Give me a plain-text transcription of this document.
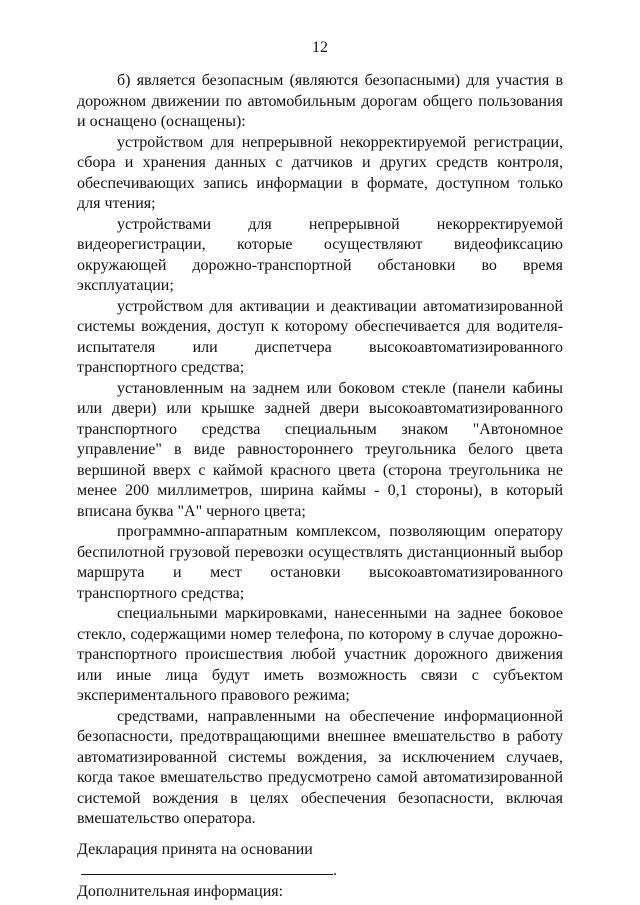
12

б) является безопасным (являются безопасными) для участия в дорожном движении по автомобильным дорогам общего пользования и оснащено (оснащены):

устройством для непрерывной некорректируемой регистрации, сбора и хранения данных с датчиков и других средств контроля, обеспечивающих запись информации в формате, доступном только для чтения;

устройствами для непрерывной некорректируемой видеорегистрации, которые осуществляют видеофиксацию окружающей дорожно-транспортной обстановки во время эксплуатации;

устройством для активации и деактивации автоматизированной системы вождения, доступ к которому обеспечивается для водителя-испытателя или диспетчера высокоавтоматизированного транспортного средства;

установленным на заднем или боковом стекле (панели кабины или двери) или крышке задней двери высокоавтоматизированного транспортного средства специальным знаком "Автономное управление" в виде равностороннего треугольника белого цвета вершиной вверх с каймой красного цвета (сторона треугольника не менее 200 миллиметров, ширина каймы - 0,1 стороны), в который вписана буква "А" черного цвета;

программно-аппаратным комплексом, позволяющим оператору беспилотной грузовой перевозки осуществлять дистанционный выбор маршрута и мест остановки высокоавтоматизированного транспортного средства;

специальными маркировками, нанесенными на заднее боковое стекло, содержащими номер телефона, по которому в случае дорожно-транспортного происшествия любой участник дорожного движения или иные лица будут иметь возможность связи с субъектом экспериментального правового режима;

средствами, направленными на обеспечение информационной безопасности, предотвращающими внешнее вмешательство в работу автоматизированной системы вождения, за исключением случаев, когда такое вмешательство предусмотрено самой автоматизированной системой вождения в целях обеспечения безопасности, включая вмешательство оператора.

Декларация принята на основании.

Дополнительная информация:
